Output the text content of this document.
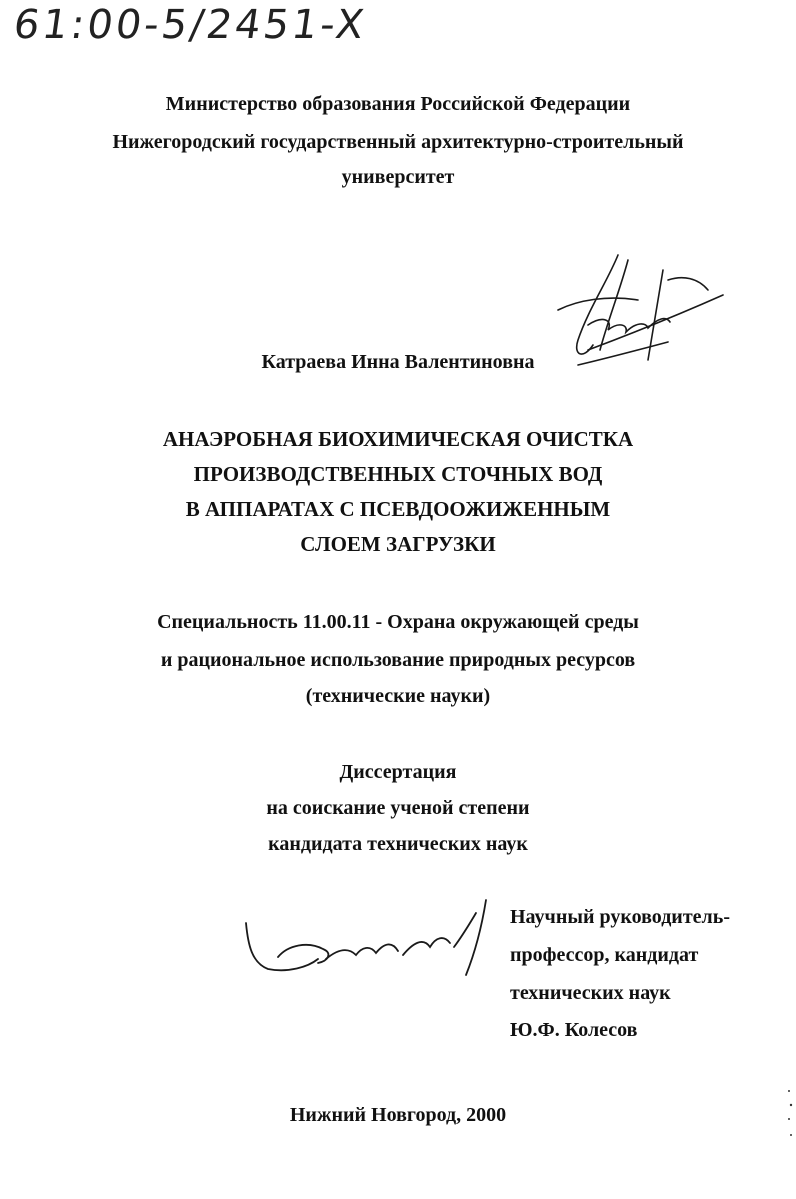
61:00-5/2451-X
Министерство образования Российской Федерации
Нижегородский государственный архитектурно-строительный
университет
Катраева Инна Валентиновна
АНАЭРОБНАЯ БИОХИМИЧЕСКАЯ ОЧИСТКА
ПРОИЗВОДСТВЕННЫХ СТОЧНЫХ ВОД
В АППАРАТАХ С ПСЕВДООЖИЖЕННЫМ
СЛОЕМ ЗАГРУЗКИ
Специальность 11.00.11 - Охрана окружающей среды
и рациональное использование природных ресурсов
(технические науки)
Диссертация
на соискание ученой степени
кандидата технических наук
Научный руководитель-
профессор, кандидат
технических наук
Ю.Ф. Колесов
Нижний Новгород, 2000
